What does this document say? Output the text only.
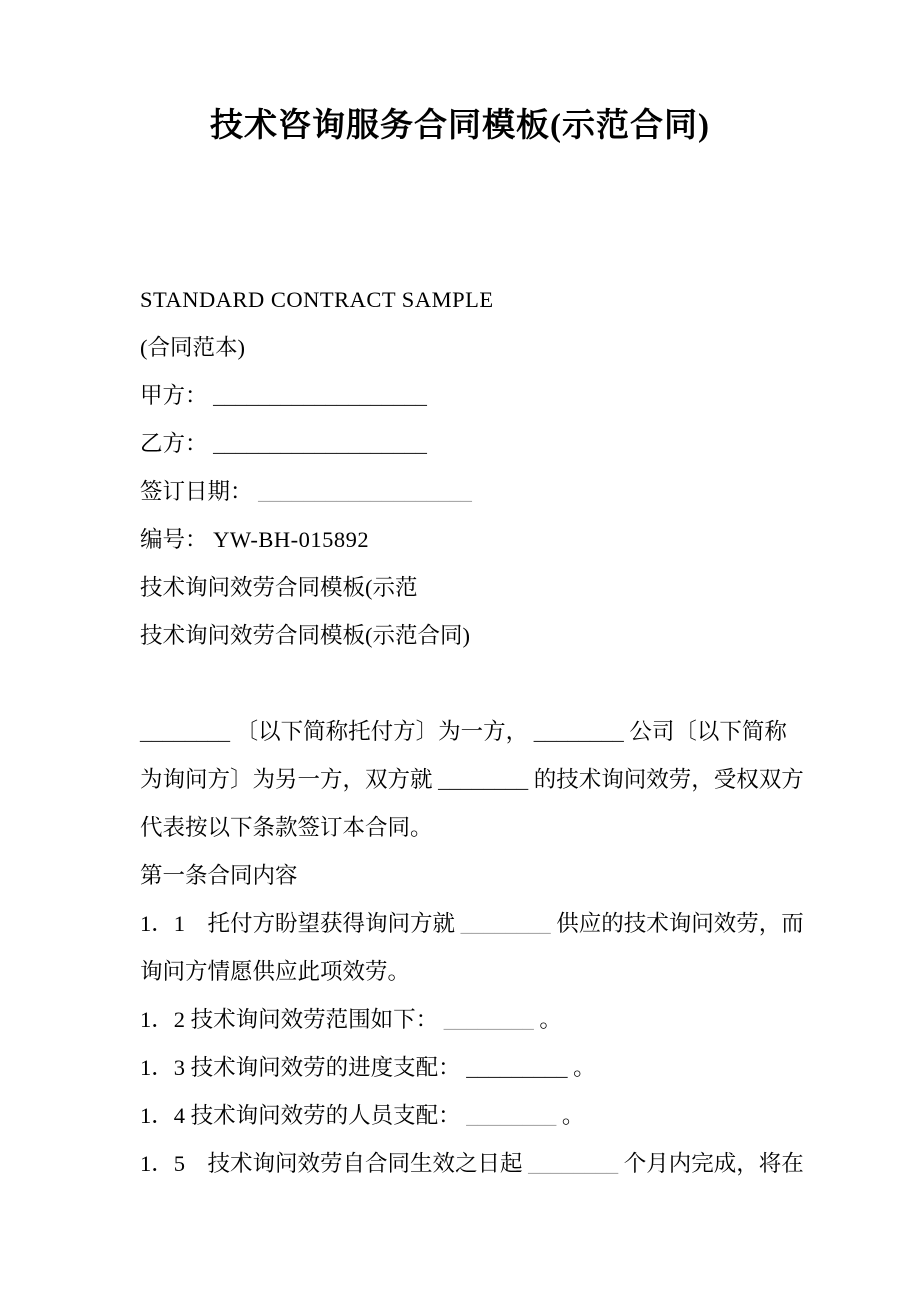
技术咨询服务合同模板(示范合同)
STANDARD CONTRACT SAMPLE
(合同范本)
甲方： ___________________
乙方： ___________________
签订日期： ___________________
编号： YW-BH-015892
技术询问效劳合同模板(示范
技术询问效劳合同模板(示范合同)
________ 〔以下简称托付方〕为一方， ________ 公司〔以下简称
为询问方〕为另一方，双方就 ________ 的技术询问效劳，受权双方
代表按以下条款签订本合同。
第一条合同内容
1．1　托付方盼望获得询问方就 ________ 供应的技术询问效劳，而
询问方情愿供应此项效劳。
1．2 技术询问效劳范围如下： ________ 。
1．3 技术询问效劳的进度支配： _________ 。
1．4 技术询问效劳的人员支配： ________ 。
1．5　技术询问效劳自合同生效之日起 ________ 个月内完成，将在
